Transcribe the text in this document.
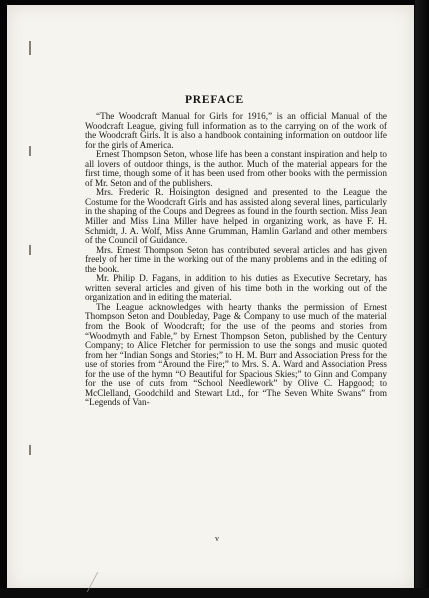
PREFACE

“The Woodcraft Manual for Girls for 1916,” is an official Manual of the Woodcraft League, giving full information as to the carrying on of the work of the Woodcraft Girls. It is also a handbook containing information on outdoor life for the girls of America.

Ernest Thompson Seton, whose life has been a constant inspiration and help to all lovers of outdoor things, is the author. Much of the material appears for the first time, though some of it has been used from other books with the permission of Mr. Seton and of the publishers.

Mrs. Frederic R. Hoisington designed and presented to the League the Costume for the Woodcraft Girls and has assisted along several lines, particularly in the shaping of the Coups and Degrees as found in the fourth section. Miss Jean Miller and Miss Lina Miller have helped in organizing work, as have F. H. Schmidt, J. A. Wolf, Miss Anne Grumman, Hamlin Garland and other members of the Council of Guidance.

Mrs. Ernest Thompson Seton has contributed several articles and has given freely of her time in the working out of the many problems and in the editing of the book.

Mr. Philip D. Fagans, in addition to his duties as Executive Secretary, has written several articles and given of his time both in the working out of the organization and in editing the material.

The League acknowledges with hearty thanks the permission of Ernest Thompson Seton and Doubleday, Page & Company to use much of the material from the Book of Woodcraft; for the use of the peoms and stories from “Woodmyth and Fable,” by Ernest Thompson Seton, published by the Century Company; to Alice Fletcher for permission to use the songs and music quoted from her “Indian Songs and Stories;” to H. M. Burr and Association Press for the use of stories from “Around the Fire;” to Mrs. S. A. Ward and Association Press for the use of the hymn “O Beautiful for Spacious Skies;” to Ginn and Company for the use of cuts from “School Needlework” by Olive C. Hapgood; to McClelland, Goodchild and Stewart Ltd., for “The Seven White Swans” from “Legends of Van-

v
